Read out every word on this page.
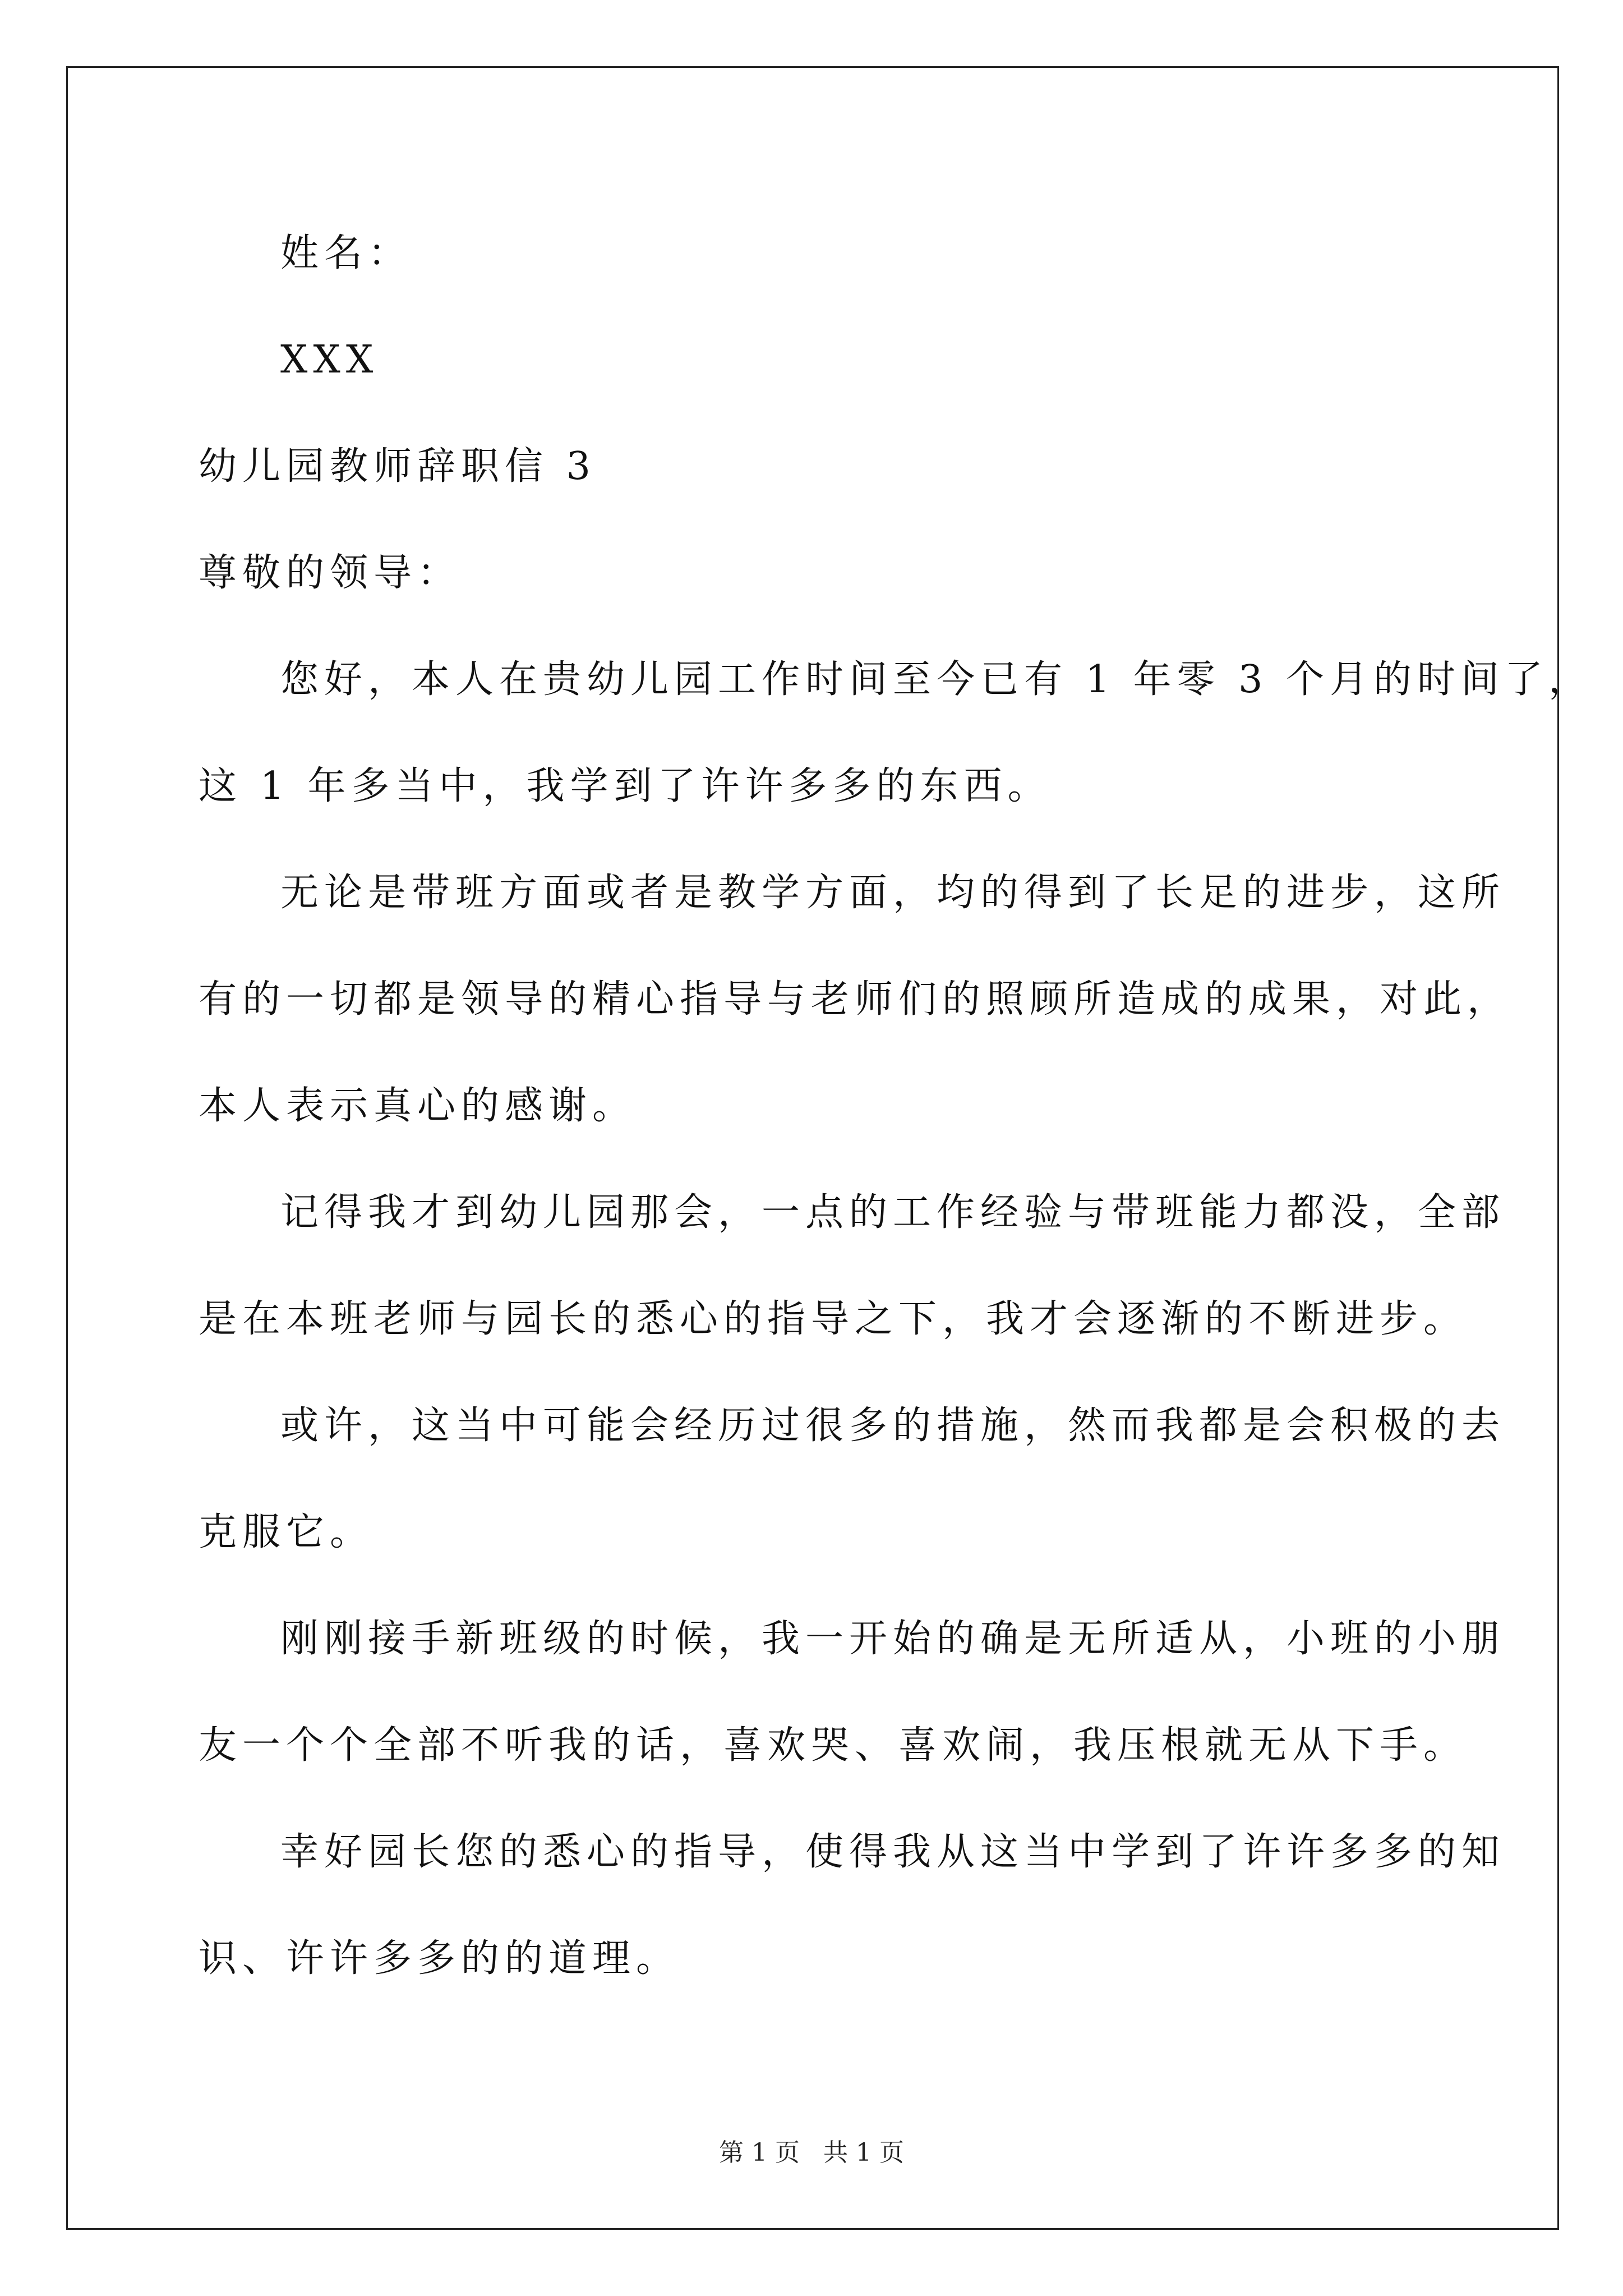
姓名：
XXX
幼儿园教师辞职信 3
尊敬的领导：
您好，本人在贵幼儿园工作时间至今已有 1 年零 3 个月的时间了，
这 1 年多当中，我学到了许许多多的东西。
无论是带班方面或者是教学方面，均的得到了长足的进步，这所
有的一切都是领导的精心指导与老师们的照顾所造成的成果，对此，
本人表示真心的感谢。
记得我才到幼儿园那会，一点的工作经验与带班能力都没，全部
是在本班老师与园长的悉心的指导之下，我才会逐渐的不断进步。
或许，这当中可能会经历过很多的措施，然而我都是会积极的去
克服它。
刚刚接手新班级的时候，我一开始的确是无所适从，小班的小朋
友一个个全部不听我的话，喜欢哭、喜欢闹，我压根就无从下手。
幸好园长您的悉心的指导，使得我从这当中学到了许许多多的知
识、许许多多的的道理。
第 1 页   共 1 页
